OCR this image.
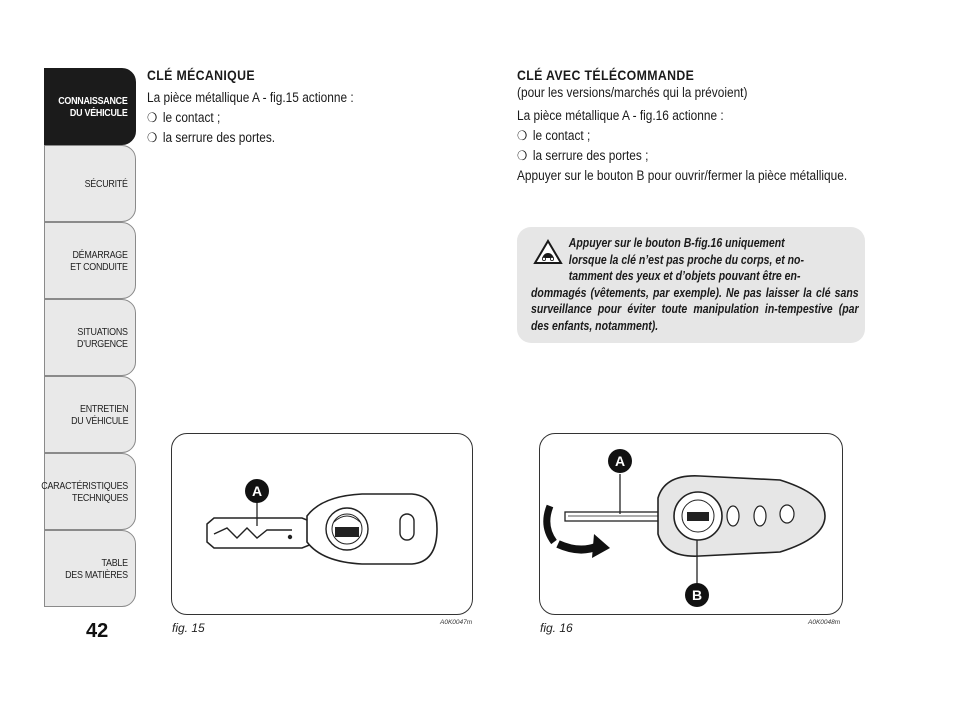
CONNAISSANCE
DU VÉHICULE
SÉCURITÉ
DÉMARRAGE
ET CONDUITE
SITUATIONS
D’URGENCE
ENTRETIEN
DU VÉHICULE
CARACTÉRISTIQUES
TECHNIQUES
TABLE
DES MATIÈRES
42
CLÉ MÉCANIQUE
La pièce métallique A - fig.15 actionne :
❍ le contact ;
❍ la serrure des portes.
CLÉ AVEC TÉLÉCOMMANDE
(pour les versions/marchés qui la prévoient)
La pièce métallique A - fig.16 actionne :
❍ le contact ;
❍ la serrure des portes ;
Appuyer sur le bouton B pour ouvrir/fermer la pièce métallique.
Appuyer sur le bouton B-fig.16 uniquement
lorsque la clé n’est pas proche du corps, et no-
tamment des yeux et d’objets pouvant être en-
dommagés (vêtements, par exemple). Ne pas laisser la clé sans surveillance pour éviter toute manipulation in-tempestive (par des enfants, notamment).
A
fig. 15	A0K0047m
A
B
fig. 16	A0K0048m
